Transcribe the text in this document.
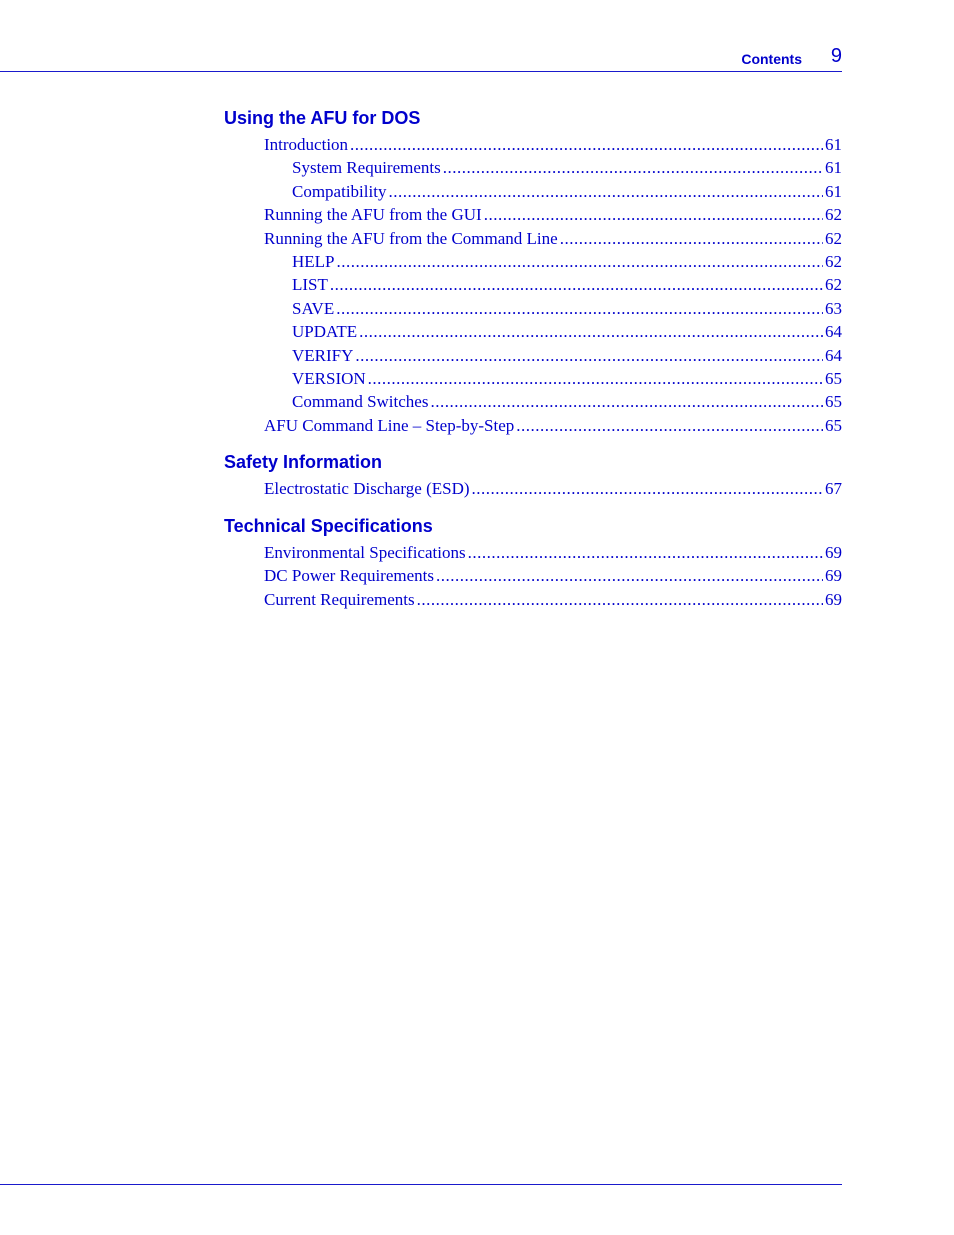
Contents 9
Using the AFU for DOS
Introduction .....	61
System Requirements .....	61
Compatibility .....	61
Running the AFU from the GUI .....	62
Running the AFU from the Command Line .....	62
HELP .....	62
LIST .....	62
SAVE .....	63
UPDATE .....	64
VERIFY .....	64
VERSION .....	65
Command Switches .....	65
AFU Command Line – Step-by-Step .....	65
Safety Information
Electrostatic Discharge (ESD) .....	67
Technical Specifications
Environmental Specifications .....	69
DC Power Requirements .....	69
Current Requirements .....	69
